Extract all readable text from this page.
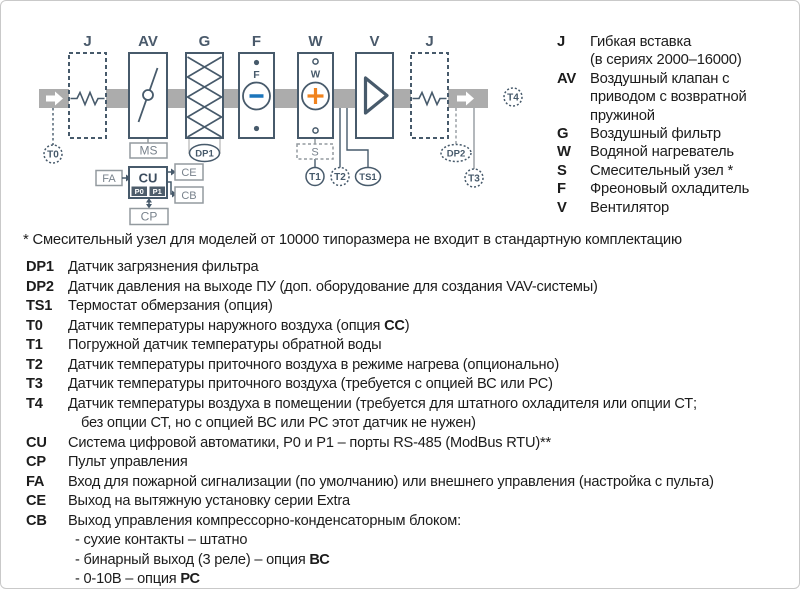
F	W
J	AV	G	F	W	V	J
MS	DP1
T0	S
T1 T2 TS1
DP2
T3
T4
FA CU
P0 P1
CE
CB
CP
J	Гибкая вставка
(в сериях 2000–16000)
AV Воздушный клапан с
приводом с возвратной
пружиной
G	Воздушный фильтр
W	Водяной нагреватель
S	Смесительный узел *
F	Фреоновый охладитель
V	Вентилятор
* Смесительный узел для моделей от 10000 типоразмера не входит в стандартную комплектацию
DP1 Датчик загрязнения фильтра
DP2 Датчик давления на выходе ПУ (доп. оборудование для создания VAV-системы)
TS1	Термостат обмерзания (опция)
T0	Датчик температуры наружного воздуха (опция СС)
T1	Погружной датчик температуры обратной воды
T2	Датчик температуры приточного воздуха в режиме нагрева (опционально)
T3	Датчик температуры приточного воздуха (требуется с опцией ВС или РС)
T4	Датчик температуры воздуха в помещении (требуется для штатного охладителя или опции СТ;
без опции СТ, но с опцией ВС или РС этот датчик не нужен)
CU	Система цифровой автоматики, P0 и P1 – порты RS-485 (ModBus RTU)**
CP	Пульт управления
FA	Вход для пожарной сигнализации (по умолчанию) или внешнего управления (настройка с пульта)
CE	Выход на вытяжную установку серии Extra
CB	Выход управления компрессорно-конденсаторным блоком:
- сухие контакты – штатно
- бинарный выход (3 реле) – опция ВС
- 0-10В – опция РС
